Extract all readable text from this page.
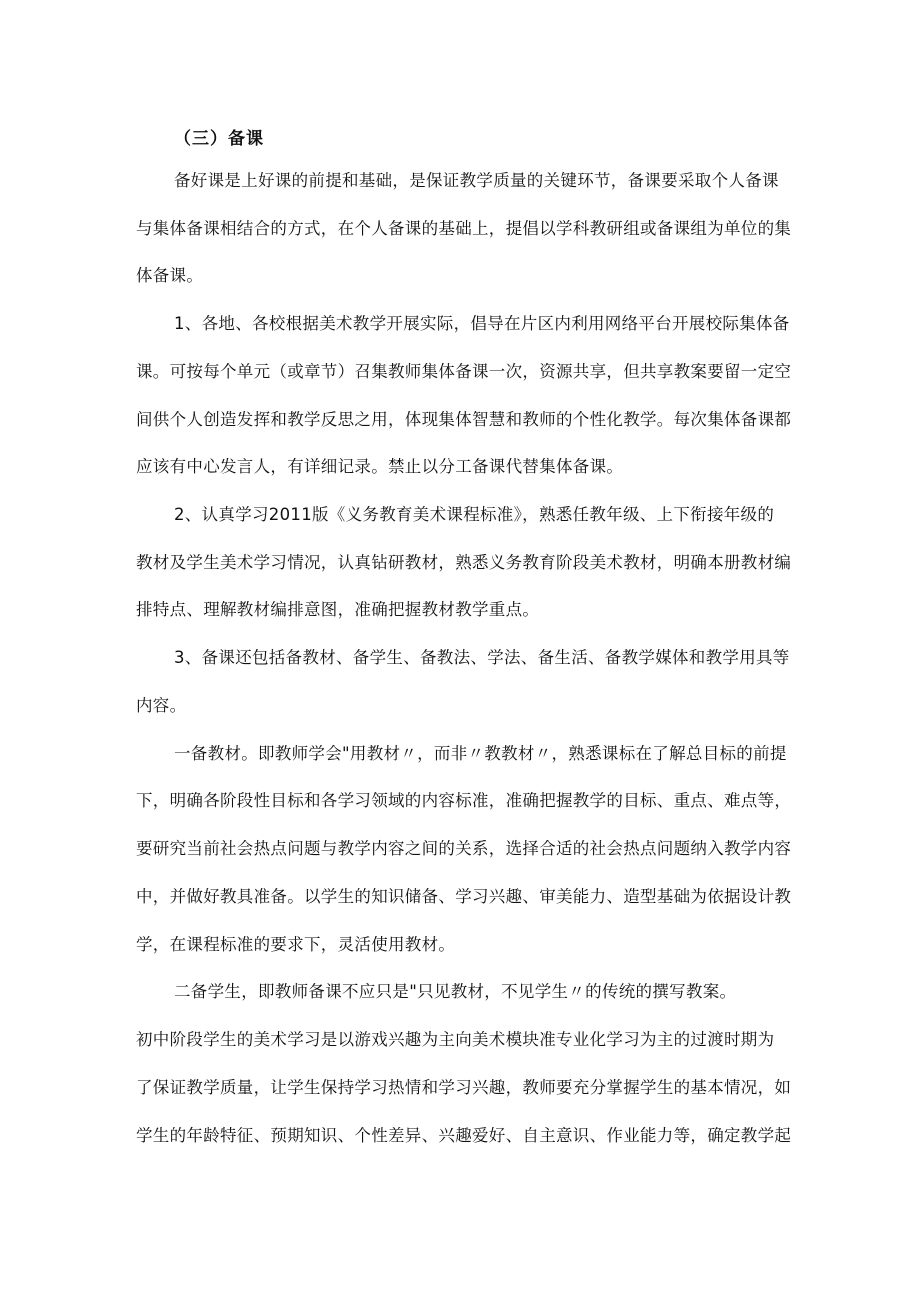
（三）备课
备好课是上好课的前提和基础，是保证教学质量的关键环节，备课要采取个人备课
与集体备课相结合的方式，在个人备课的基础上，提倡以学科教研组或备课组为单位的集
体备课。
1、各地、各校根据美术教学开展实际，倡导在片区内利用网络平台开展校际集体备
课。可按每个单元（或章节）召集教师集体备课一次，资源共享，但共享教案要留一定空
间供个人创造发挥和教学反思之用，体现集体智慧和教师的个性化教学。每次集体备课都
应该有中心发言人，有详细记录。禁止以分工备课代替集体备课。
2、认真学习2011版《义务教育美术课程标准》，熟悉任教年级、上下衔接年级的
教材及学生美术学习情况，认真钻研教材，熟悉义务教育阶段美术教材，明确本册教材编
排特点、理解教材编排意图，准确把握教材教学重点。
3、备课还包括备教材、备学生、备教法、学法、备生活、备教学媒体和教学用具等
内容。
一备教材。即教师学会"用教材〃，而非〃教教材〃，熟悉课标在了解总目标的前提
下，明确各阶段性目标和各学习领域的内容标准，准确把握教学的目标、重点、难点等，
要研究当前社会热点问题与教学内容之间的关系，选择合适的社会热点问题纳入教学内容
中，并做好教具准备。以学生的知识储备、学习兴趣、审美能力、造型基础为依据设计教
学，在课程标准的要求下，灵活使用教材。
二备学生，即教师备课不应只是"只见教材，不见学生〃的传统的撰写教案。
初中阶段学生的美术学习是以游戏兴趣为主向美术模块准专业化学习为主的过渡时期为
了保证教学质量，让学生保持学习热情和学习兴趣，教师要充分掌握学生的基本情况，如
学生的年龄特征、预期知识、个性差异、兴趣爱好、自主意识、作业能力等，确定教学起
